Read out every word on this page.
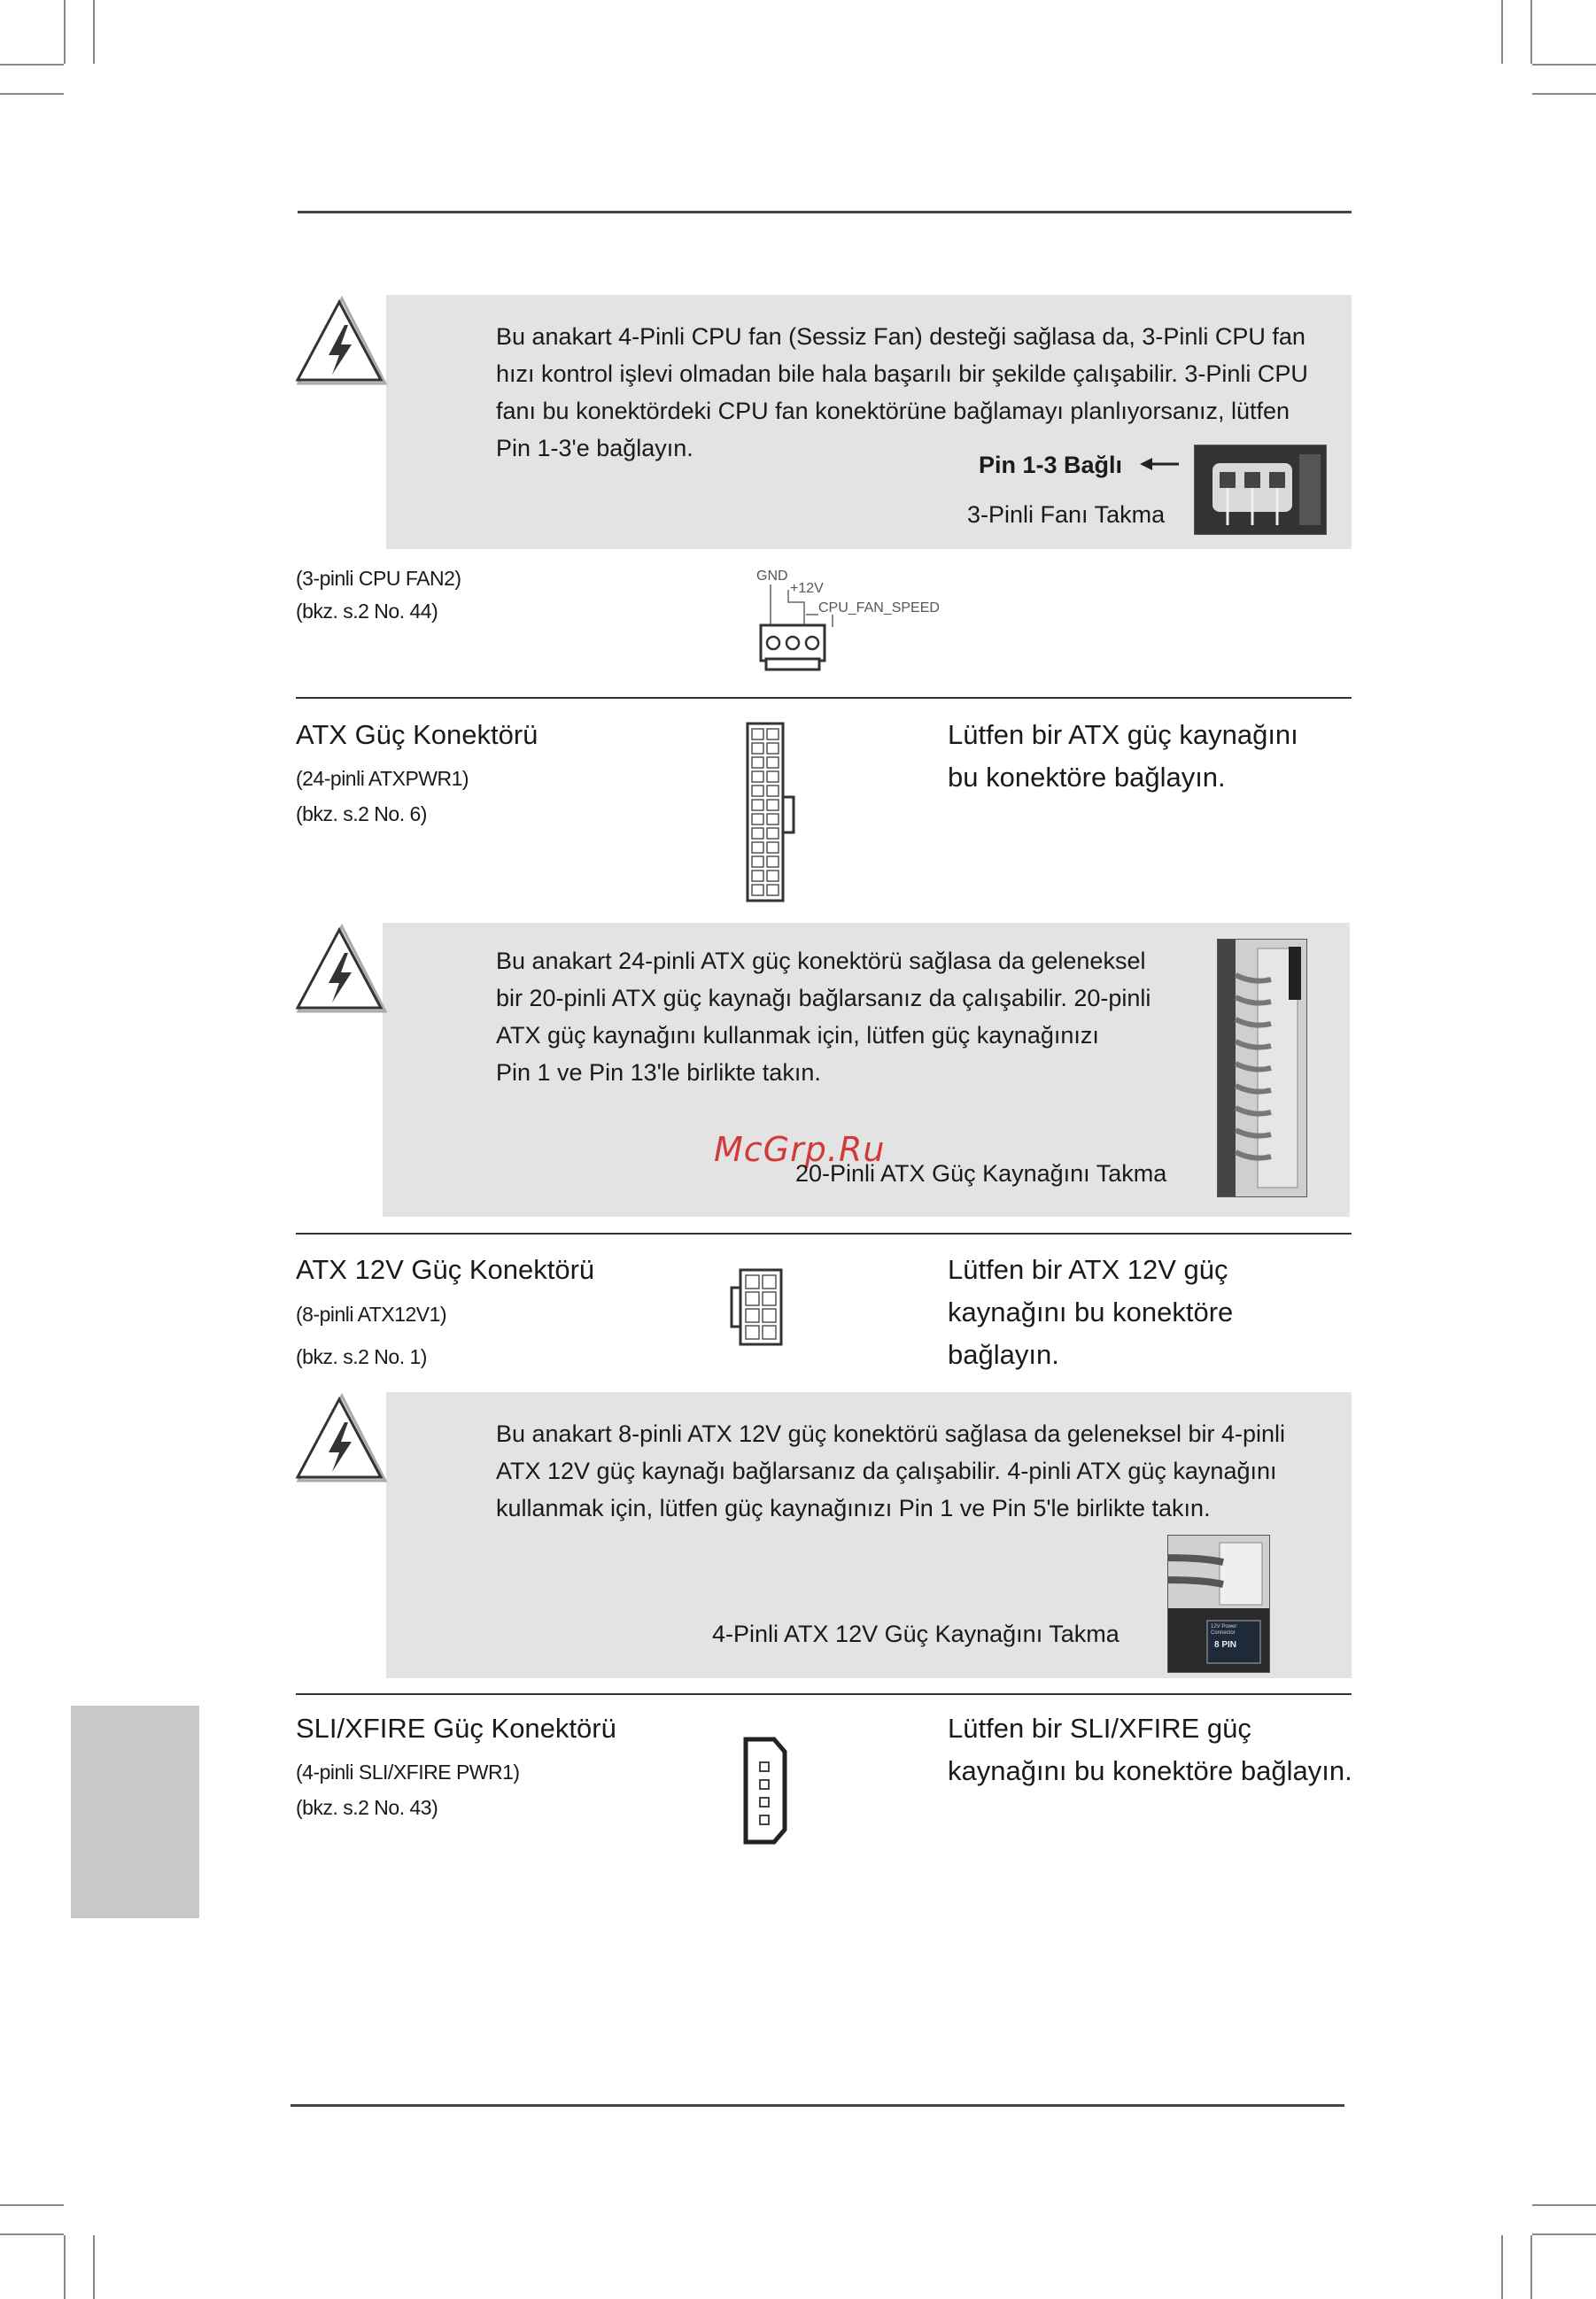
Bu anakart 4-Pinli CPU fan (Sessiz Fan) desteği sağlasa da, 3-Pinli CPU fan
hızı kontrol işlevi olmadan bile hala başarılı bir şekilde çalışabilir. 3-Pinli CPU
fanı bu konektördeki CPU fan konektörüne bağlamayı planlıyorsanız, lütfen
Pin 1-3'e bağlayın.
Pin 1-3 Bağlı
3-Pinli Fanı Takma
(3-pinli CPU FAN2)
(bkz. s.2 No. 44)
GND
+12V
CPU_FAN_SPEED
ATX Güç Konektörü
(24-pinli ATXPWR1)
(bkz. s.2 No. 6)
Lütfen bir ATX güç kaynağını
bu konektöre bağlayın.
Bu anakart 24-pinli ATX güç konektörü sağlasa da geleneksel
bir 20-pinli ATX güç kaynağı bağlarsanız da çalışabilir. 20-pinli
ATX güç kaynağını kullanmak için, lütfen güç kaynağınızı
Pin 1 ve Pin 13'le birlikte takın.
McGrp.Ru
20-Pinli ATX Güç Kaynağını Takma
ATX 12V Güç Konektörü
(8-pinli ATX12V1)
(bkz. s.2 No. 1)
Lütfen bir ATX 12V güç
kaynağını bu konektöre
bağlayın.
Bu anakart 8-pinli ATX 12V güç konektörü sağlasa da geleneksel bir 4-pinli
ATX 12V güç kaynağı bağlarsanız da çalışabilir. 4-pinli ATX güç kaynağını
kullanmak için, lütfen güç kaynağınızı Pin 1 ve Pin 5'le birlikte takın.
4-Pinli ATX 12V Güç Kaynağını Takma	8 PIN
12V Power Connector
SLI/XFIRE Güç Konektörü
(4-pinli SLI/XFIRE PWR1)
(bkz. s.2 No. 43)
Lütfen bir SLI/XFIRE güç
kaynağını bu konektöre bağlayın.
